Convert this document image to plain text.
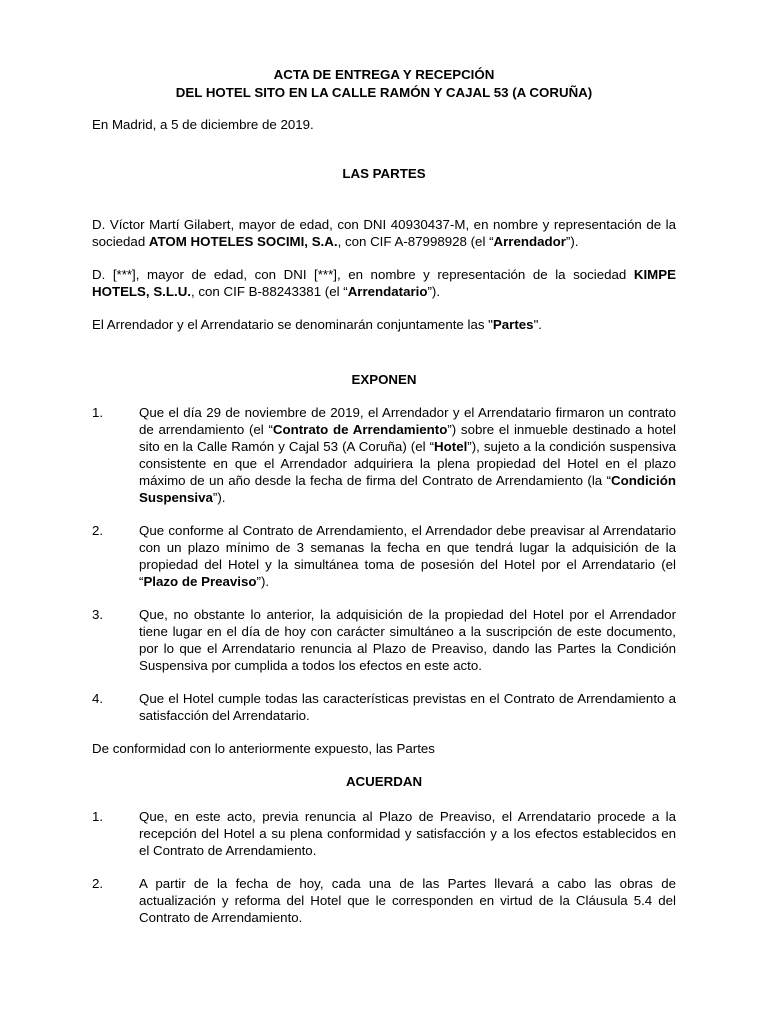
ACTA DE ENTREGA Y RECEPCIÓN
DEL HOTEL SITO EN LA CALLE RAMÓN Y CAJAL 53 (A CORUÑA)

En Madrid, a 5 de diciembre de 2019.

LAS PARTES

D. Víctor Martí Gilabert, mayor de edad, con DNI 40930437-M, en nombre y representación de la sociedad ATOM HOTELES SOCIMI, S.A., con CIF A-87998928 (el “Arrendador”).

D. [***], mayor de edad, con DNI [***], en nombre y representación de la sociedad KIMPE HOTELS, S.L.U., con CIF B-88243381 (el “Arrendatario”).

El Arrendador y el Arrendatario se denominarán conjuntamente las "Partes".

EXPONEN
1.	Que el día 29 de noviembre de 2019, el Arrendador y el Arrendatario firmaron un contrato de arrendamiento (el “Contrato de Arrendamiento”) sobre el inmueble destinado a hotel sito en la Calle Ramón y Cajal 53 (A Coruña) (el “Hotel”), sujeto a la condición suspensiva consistente en que el Arrendador adquiriera la plena propiedad del Hotel en el plazo máximo de un año desde la fecha de firma del Contrato de Arrendamiento (la “Condición Suspensiva”).
2.	Que conforme al Contrato de Arrendamiento, el Arrendador debe preavisar al Arrendatario con un plazo mínimo de 3 semanas la fecha en que tendrá lugar la adquisición de la propiedad del Hotel y la simultánea toma de posesión del Hotel por el Arrendatario (el “Plazo de Preaviso”).
3.	Que, no obstante lo anterior, la adquisición de la propiedad del Hotel por el Arrendador tiene lugar en el día de hoy con carácter simultáneo a la suscripción de este documento, por lo que el Arrendatario renuncia al Plazo de Preaviso, dando las Partes la Condición Suspensiva por cumplida a todos los efectos en este acto.
4.	Que el Hotel cumple todas las características previstas en el Contrato de Arrendamiento a satisfacción del Arrendatario.

De conformidad con lo anteriormente expuesto, las Partes

ACUERDAN
1.	Que, en este acto, previa renuncia al Plazo de Preaviso, el Arrendatario procede a la recepción del Hotel a su plena conformidad y satisfacción y a los efectos establecidos en el Contrato de Arrendamiento.
2.	A partir de la fecha de hoy, cada una de las Partes llevará a cabo las obras de actualización y reforma del Hotel que le corresponden en virtud de la Cláusula 5.4 del Contrato de Arrendamiento.
